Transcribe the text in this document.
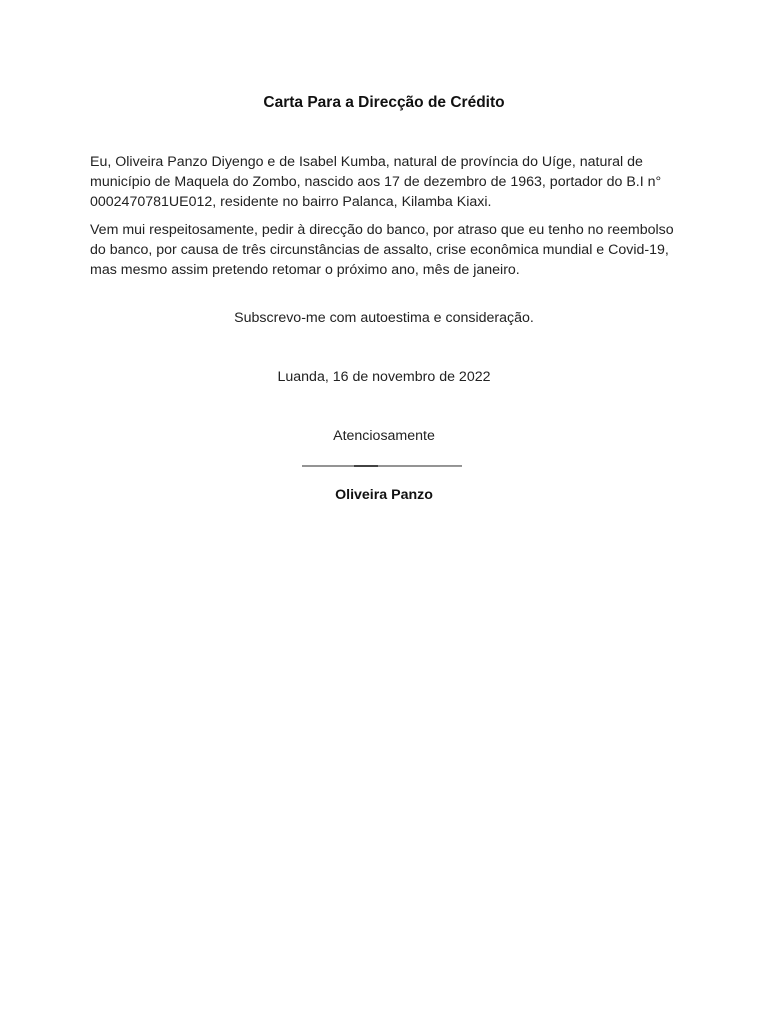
Carta Para a Direcção de Crédito
Eu, Oliveira Panzo Diyengo e de Isabel Kumba, natural de província do Uíge, natural de município de Maquela do Zombo, nascido aos 17 de dezembro de 1963, portador do B.I n° 0002470781UE012, residente no bairro Palanca, Kilamba Kiaxi.
Vem mui respeitosamente, pedir à direcção do banco, por atraso que eu tenho no reembolso do banco, por causa de três circunstâncias de assalto, crise econômica mundial e Covid-19, mas mesmo assim pretendo retomar o próximo ano, mês de janeiro.
Subscrevo-me com autoestima e consideração.
Luanda, 16 de novembro de 2022
Atenciosamente
Oliveira Panzo
